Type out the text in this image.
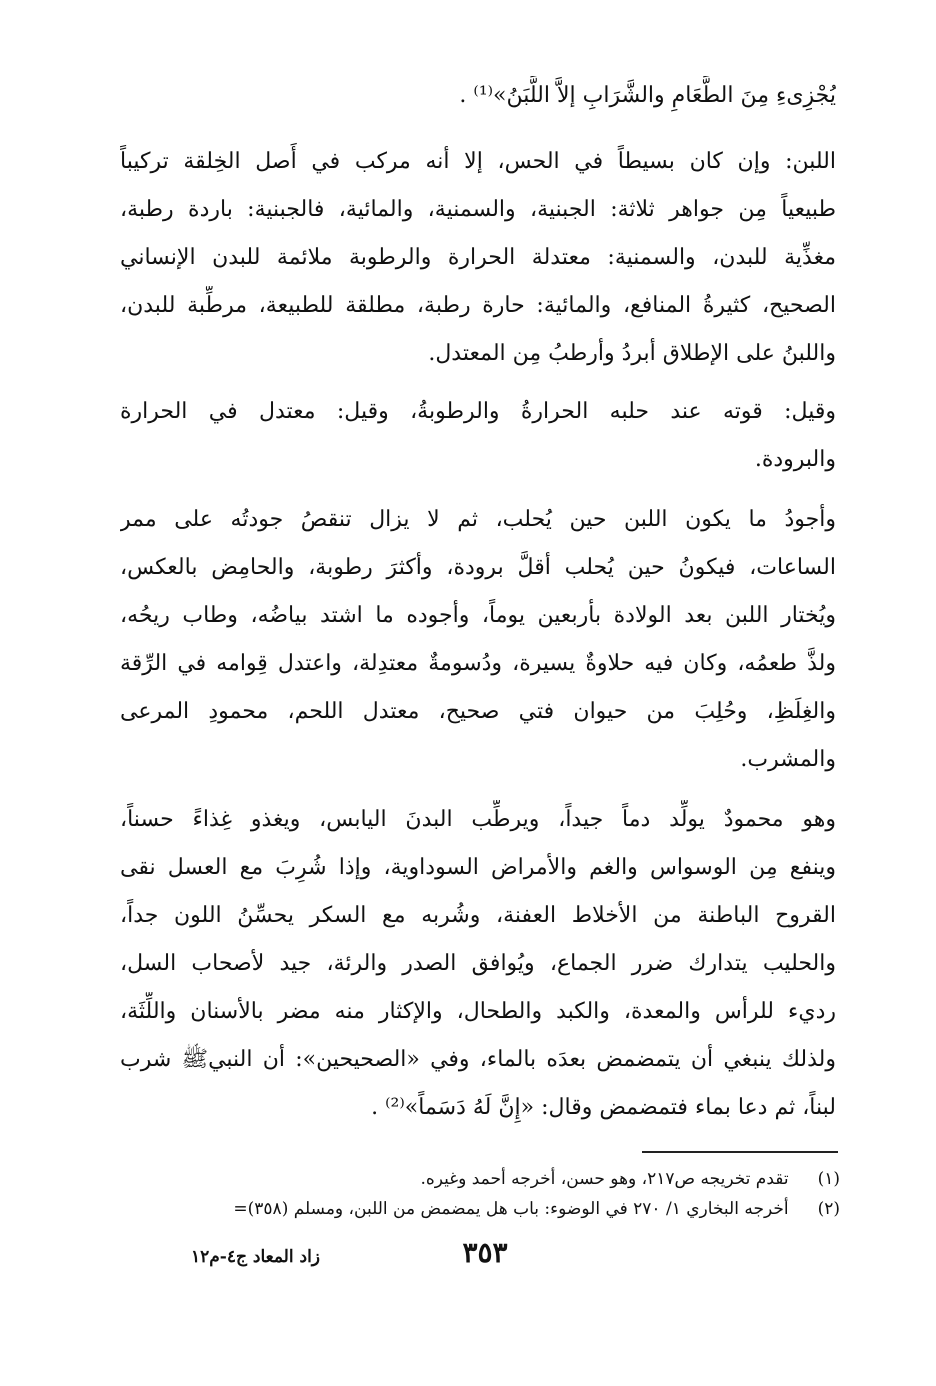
يُجْزِىءِ مِنَ الطَّعَامِ والشَّرَابِ إلاَّ اللَّبَنُ»⁽¹⁾ .
اللبن: وإن كان بسيطاً في الحس، إلا أنه مركب في أَصل الخِلقة تركيباً
طبيعياً مِن جواهر ثلاثة: الجبنية، والسمنية، والمائية، فالجبنية: باردة رطبة،
مغذِّية للبدن، والسمنية: معتدلة الحرارة والرطوبة ملائمة للبدن الإنساني
الصحيح، كثيرةُ المنافع، والمائية: حارة رطبة، مطلقة للطبيعة، مرطِّبة للبدن،
واللبنُ على الإطلاق أبردُ وأرطبُ مِن المعتدل.
وقيل: قوته عند حلبه الحرارةُ والرطوبةُ، وقيل: معتدل في الحرارة
والبرودة.
وأجودُ ما يكون اللبن حين يُحلب، ثم لا يزال تنقصُ جودتُه على ممر
الساعات، فيكونُ حين يُحلب أقلَّ برودة، وأكثرَ رطوبة، والحامِض بالعكس،
ويُختار اللبن بعد الولادة بأربعين يوماً، وأجوده ما اشتد بياضُه، وطاب ريحُه،
ولذَّ طعمُه، وكان فيه حلاوةٌ يسيرة، ودُسومةٌ معتدِلة، واعتدل قِوامه في الرِّقة
والغِلَظِ، وحُلِبَ من حيوان فتي صحيح، معتدل اللحم، محمودِ المرعى
والمشرب.
وهو محمودٌ يولِّد دماً جيداً، ويرطِّب البدنَ اليابس، ويغذو غِذاءً حسناً،
وينفع مِن الوسواس والغم والأمراض السوداوية، وإذا شُرِبَ مع العسل نقى
القروح الباطنة من الأخلاط العفنة، وشُربه مع السكر يحسِّنُ اللون جداً،
والحليب يتدارك ضرر الجماع، ويُوافق الصدر والرئة، جيد لأصحاب السل،
رديء للرأس والمعدة، والكبد والطحال، والإكثار منه مضر بالأسنان واللِّثَة،
ولذلك ينبغي أن يتمضمض بعدَه بالماء، وفي «الصحيحين»: أن النبيﷺ شرب
لبناً، ثم دعا بماء فتمضمض وقال: «إِنَّ لَهُ دَسَماً»⁽²⁾ .
(١) تقدم تخريجه ص٢١٧، وهو حسن، أخرجه أحمد وغيره.
(٢) أخرجه البخاري ١/ ٢٧٠ في الوضوء: باب هل يمضمض من اللبن، ومسلم (٣٥٨)=
٣٥٣
زاد المعاد ج٤-م١٢
